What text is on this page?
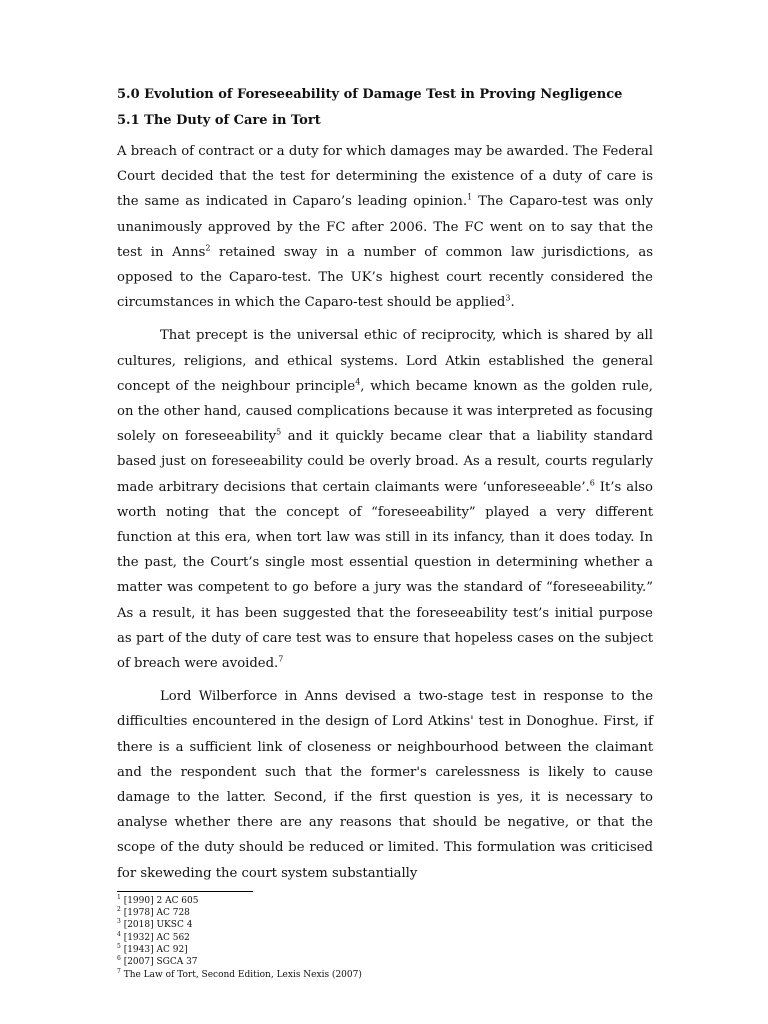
5.0 Evolution of Foreseeability of Damage Test in Proving Negligence
5.1 The Duty of Care in Tort

A breach of contract or a duty for which damages may be awarded. The Federal Court decided that the test for determining the existence of a duty of care is the same as indicated in Caparo’s leading opinion.$^1$ The Caparo-test was only unanimously approved by the FC after 2006. The FC went on to say that the test in Anns$^2$ retained sway in a number of common law jurisdictions, as opposed to the Caparo-test. The UK’s highest court recently considered the circumstances in which the Caparo-test should be applied$^3$.

That precept is the universal ethic of reciprocity, which is shared by all cultures, religions, and ethical systems. Lord Atkin established the general concept of the neighbour principle$^4$, which became known as the golden rule, on the other hand, caused complications because it was interpreted as focusing solely on foreseeability$^5$ and it quickly became clear that a liability standard based just on foreseeability could be overly broad. As a result, courts regularly made arbitrary decisions that certain claimants were ‘unforeseeable’.$^6$ It’s also worth noting that the concept of “foreseeability” played a very different function at this era, when tort law was still in its infancy, than it does today. In the past, the Court’s single most essential question in determining whether a matter was competent to go before a jury was the standard of “foreseeability.” As a result, it has been suggested that the foreseeability test’s initial purpose as part of the duty of care test was to ensure that hopeless cases on the subject of breach were avoided.$^7$

Lord Wilberforce in Anns devised a two-stage test in response to the difficulties encountered in the design of Lord Atkins' test in Donoghue. First, if there is a sufficient link of closeness or neighbourhood between the claimant and the respondent such that the former's carelessness is likely to cause damage to the latter. Second, if the first question is yes, it is necessary to analyse whether there are any reasons that should be negative, or that the scope of the duty should be reduced or limited. This formulation was criticised for skeweding the court system substantially

$^1$ [1990] 2 AC 605
$^2$ [1978] AC 728
$^3$ [2018] UKSC 4
$^4$ [1932] AC 562
$^5$ [1943] AC 92]
$^6$ [2007] SGCA 37
$^7$ The Law of Tort, Second Edition, Lexis Nexis (2007)
